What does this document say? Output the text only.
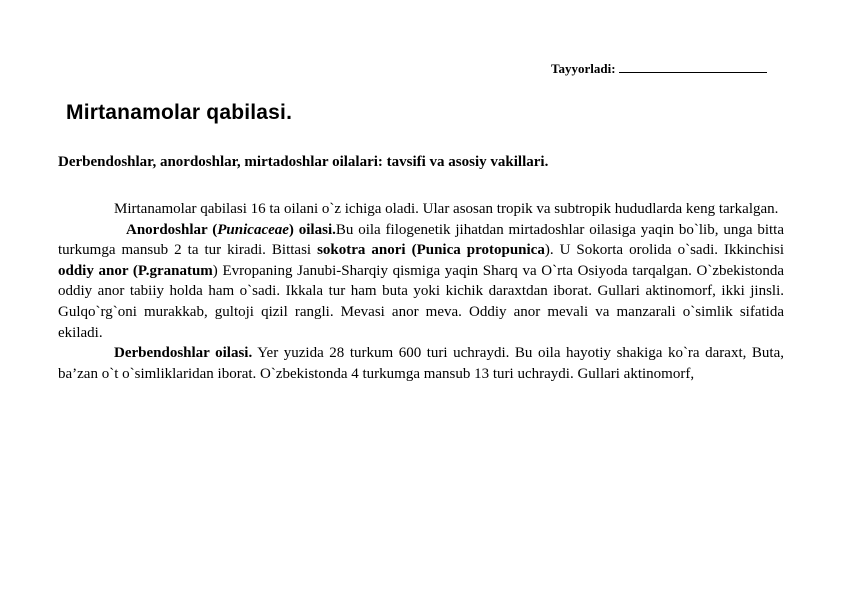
Tayyorladi:
Mirtanamolar qabilasi.
Derbendoshlar, anordoshlar, mirtadoshlar oilalari: tavsifi va asosiy vakillari.

Mirtanamolar qabilasi 16 ta oilani o`z ichiga oladi. Ular asosan tropik va subtropik hududlarda keng tarkalgan.

Anordoshlar (Punicaceae) oilasi.Bu oila filogenetik jihatdan mirtadoshlar oilasiga yaqin bo`lib, unga bitta turkumga mansub 2 ta tur kiradi. Bittasi sokotra anori (Punica protopunica). U Sokorta orolida o`sadi. Ikkinchisi oddiy anor (P.granatum) Evropaning Janubi-Sharqiy qismiga yaqin Sharq va O`rta Osiyoda tarqalgan. O`zbekistonda oddiy anor tabiiy holda ham o`sadi. Ikkala tur ham buta yoki kichik daraxtdan iborat. Gullari aktinomorf, ikki jinsli. Gulqo`rg`oni murakkab, gultoji qizil rangli. Mevasi anor meva. Oddiy anor mevali va manzarali o`simlik sifatida ekiladi.

Derbendoshlar oilasi. Yer yuzida 28 turkum 600 turi uchraydi. Bu oila hayotiy shakiga ko`ra daraxt, Buta, ba’zan o`t o`simliklaridan iborat. O`zbekistonda 4 turkumga mansub 13 turi uchraydi. Gullari aktinomorf,
